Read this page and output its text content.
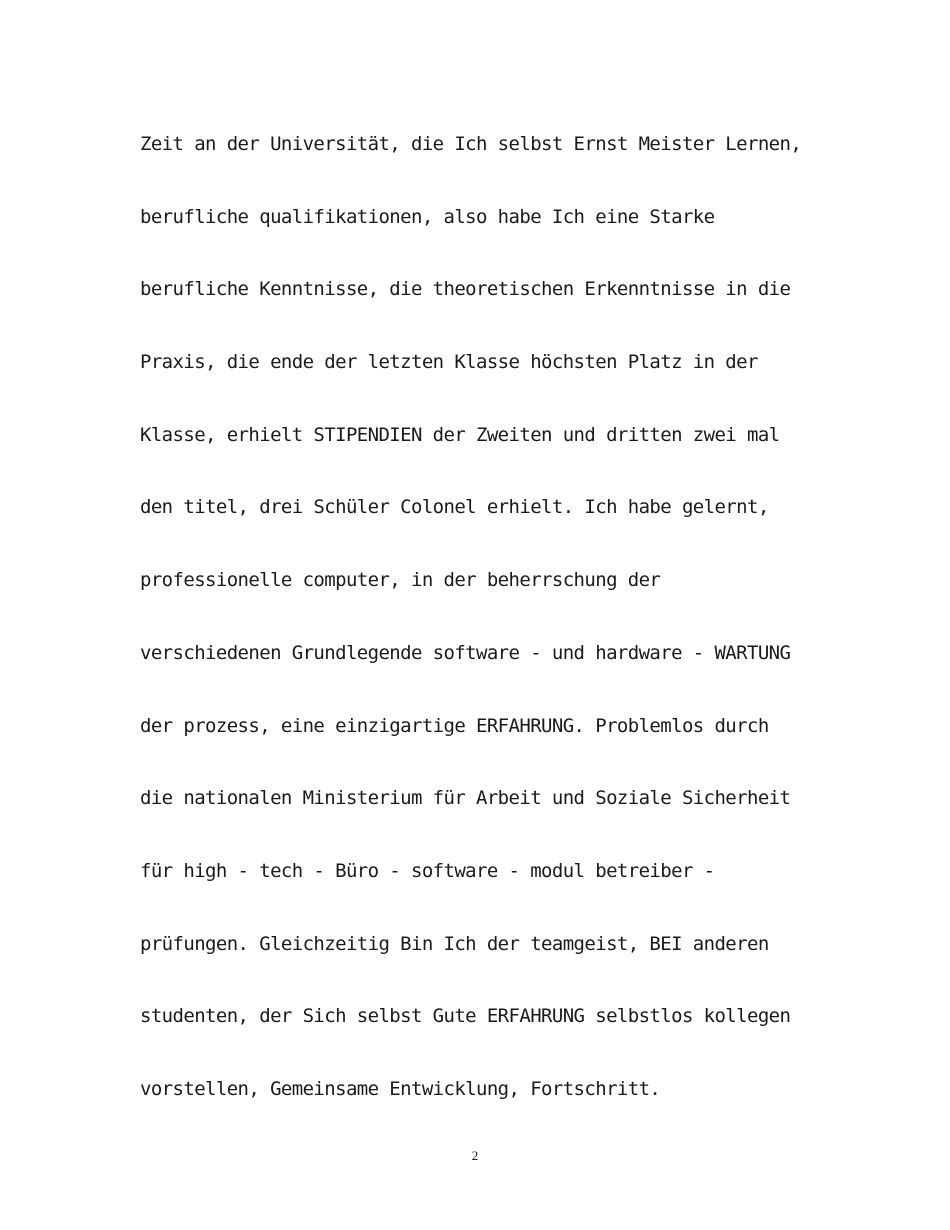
Zeit an der Universität, die Ich selbst Ernst Meister Lernen,
berufliche qualifikationen, also habe Ich eine Starke
berufliche Kenntnisse, die theoretischen Erkenntnisse in die
Praxis, die ende der letzten Klasse höchsten Platz in der
Klasse, erhielt STIPENDIEN der Zweiten und dritten zwei mal
den titel, drei Schüler Colonel erhielt. Ich habe gelernt,
professionelle computer, in der beherrschung der
verschiedenen Grundlegende software - und hardware - WARTUNG
der prozess, eine einzigartige ERFAHRUNG. Problemlos durch
die nationalen Ministerium für Arbeit und Soziale Sicherheit
für high - tech - Büro - software - modul betreiber -
prüfungen. Gleichzeitig Bin Ich der teamgeist, BEI anderen
studenten, der Sich selbst Gute ERFAHRUNG selbstlos kollegen
vorstellen, Gemeinsame Entwicklung, Fortschritt.
2
